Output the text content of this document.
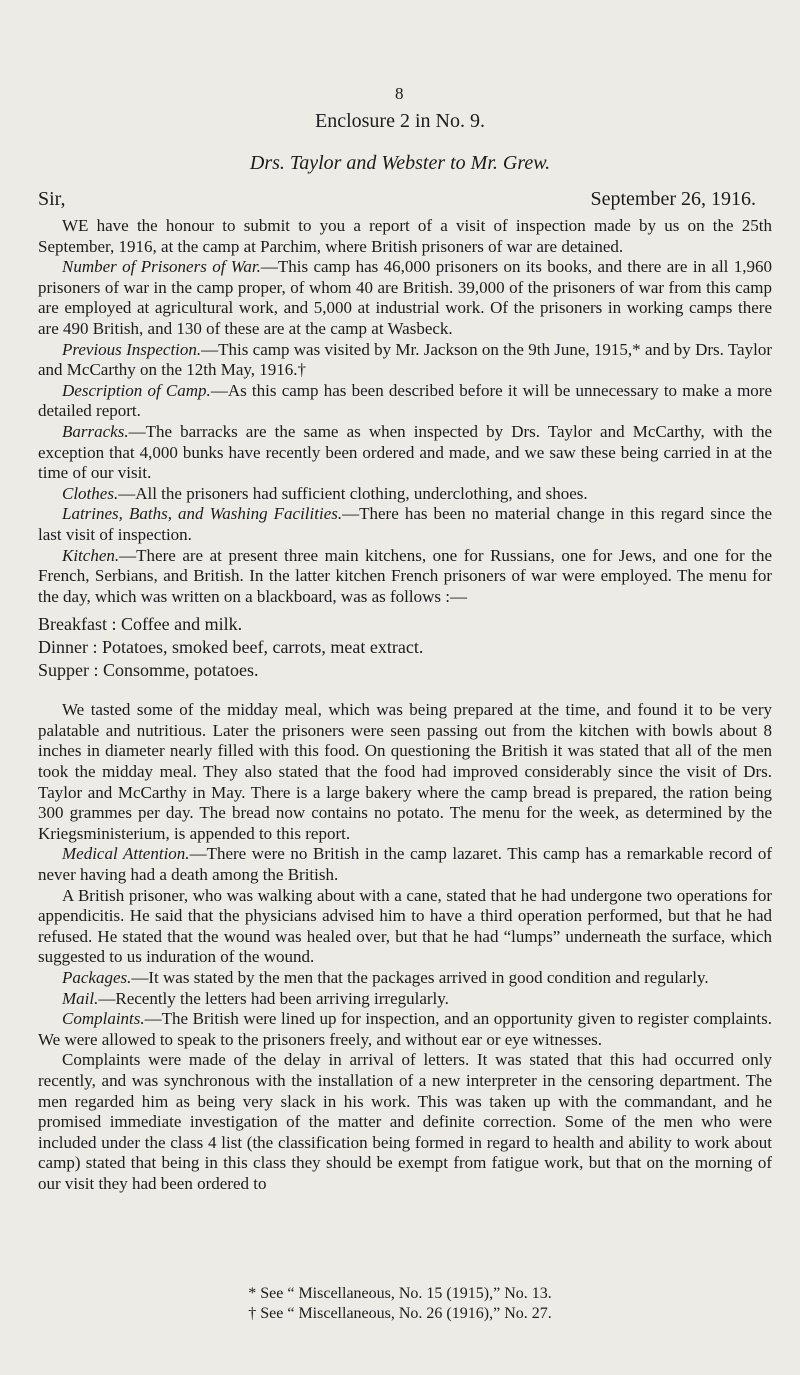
8
Enclosure 2 in No. 9.
Drs. Taylor and Webster to Mr. Grew.
Sir,	September 26, 1916.

WE have the honour to submit to you a report of a visit of inspection made by us on the 25th September, 1916, at the camp at Parchim, where British prisoners of war are detained.

Number of Prisoners of War.—This camp has 46,000 prisoners on its books, and there are in all 1,960 prisoners of war in the camp proper, of whom 40 are British. 39,000 of the prisoners of war from this camp are employed at agricultural work, and 5,000 at industrial work. Of the prisoners in working camps there are 490 British, and 130 of these are at the camp at Wasbeck.

Previous Inspection.—This camp was visited by Mr. Jackson on the 9th June, 1915,* and by Drs. Taylor and McCarthy on the 12th May, 1916.†

Description of Camp.—As this camp has been described before it will be unnecessary to make a more detailed report.

Barracks.—The barracks are the same as when inspected by Drs. Taylor and McCarthy, with the exception that 4,000 bunks have recently been ordered and made, and we saw these being carried in at the time of our visit.

Clothes.—All the prisoners had sufficient clothing, underclothing, and shoes.

Latrines, Baths, and Washing Facilities.—There has been no material change in this regard since the last visit of inspection.

Kitchen.—There are at present three main kitchens, one for Russians, one for Jews, and one for the French, Serbians, and British. In the latter kitchen French prisoners of war were employed. The menu for the day, which was written on a blackboard, was as follows :—

Breakfast : Coffee and milk.
Dinner : Potatoes, smoked beef, carrots, meat extract.
Supper : Consomme, potatoes.

We tasted some of the midday meal, which was being prepared at the time, and found it to be very palatable and nutritious. Later the prisoners were seen passing out from the kitchen with bowls about 8 inches in diameter nearly filled with this food. On questioning the British it was stated that all of the men took the midday meal. They also stated that the food had improved considerably since the visit of Drs. Taylor and McCarthy in May. There is a large bakery where the camp bread is prepared, the ration being 300 grammes per day. The bread now contains no potato. The menu for the week, as determined by the Kriegsministerium, is appended to this report.

Medical Attention.—There were no British in the camp lazaret. This camp has a remarkable record of never having had a death among the British.

A British prisoner, who was walking about with a cane, stated that he had undergone two operations for appendicitis. He said that the physicians advised him to have a third operation performed, but that he had refused. He stated that the wound was healed over, but that he had “lumps” underneath the surface, which suggested to us induration of the wound.

Packages.—It was stated by the men that the packages arrived in good condition and regularly.

Mail.—Recently the letters had been arriving irregularly.

Complaints.—The British were lined up for inspection, and an opportunity given to register complaints. We were allowed to speak to the prisoners freely, and without ear or eye witnesses.

Complaints were made of the delay in arrival of letters. It was stated that this had occurred only recently, and was synchronous with the installation of a new interpreter in the censoring department. The men regarded him as being very slack in his work. This was taken up with the commandant, and he promised immediate investigation of the matter and definite correction. Some of the men who were included under the class 4 list (the classification being formed in regard to health and ability to work about camp) stated that being in this class they should be exempt from fatigue work, but that on the morning of our visit they had been ordered to

* See “ Miscellaneous, No. 15 (1915),” No. 13.
† See “ Miscellaneous, No. 26 (1916),” No. 27.
